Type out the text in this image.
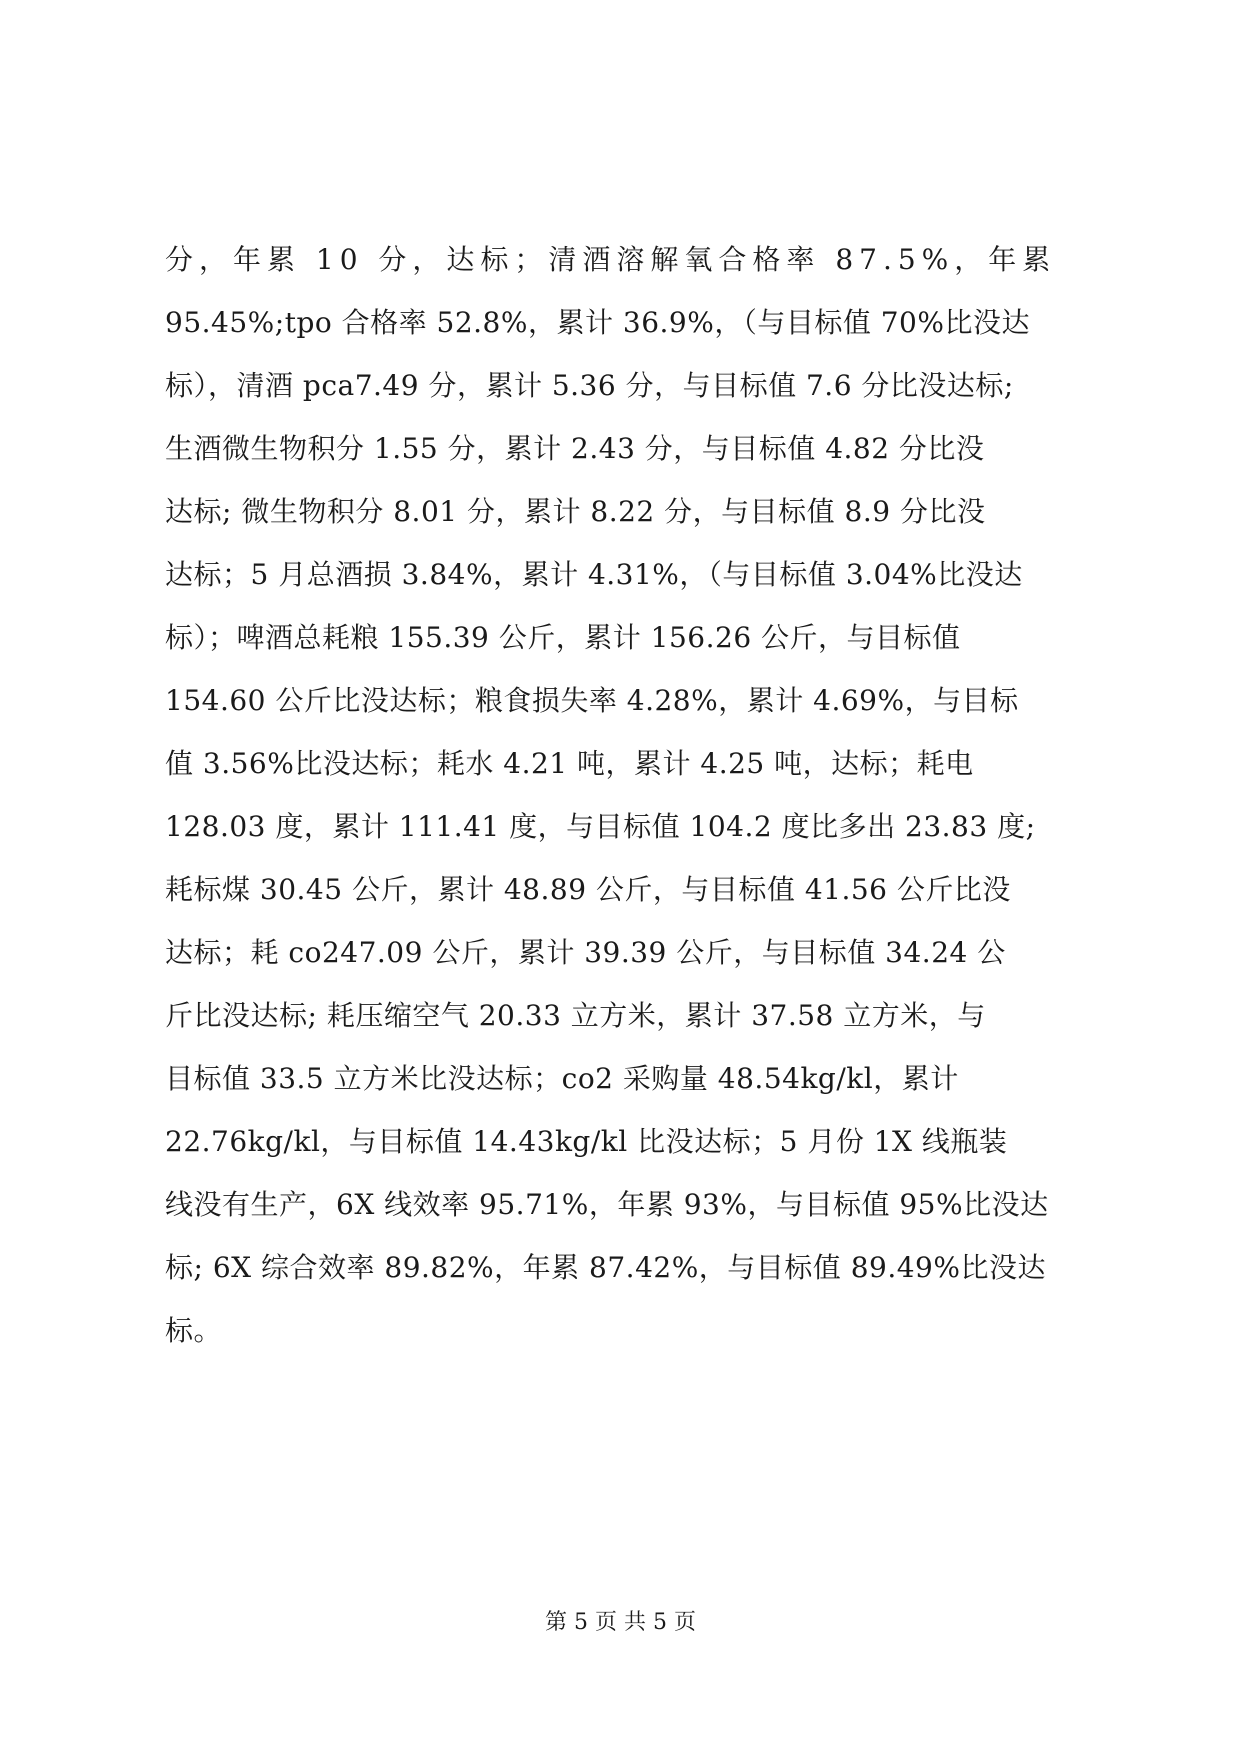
分，年累 10 分，达标；清酒溶解氧合格率 87.5%，年累
95.45%;tpo 合格率 52.8%，累计 36.9%，（与目标值 70%比没达
标），清酒 pca7.49 分，累计 5.36 分，与目标值 7.6 分比没达标;
生酒微生物积分 1.55 分，累计 2.43 分，与目标值 4.82 分比没
达标; 微生物积分 8.01 分，累计 8.22 分，与目标值 8.9 分比没
达标；5 月总酒损 3.84%，累计 4.31%，（与目标值 3.04%比没达
标）；啤酒总耗粮 155.39 公斤，累计 156.26 公斤，与目标值
154.60 公斤比没达标；粮食损失率 4.28%，累计 4.69%，与目标
值 3.56%比没达标；耗水 4.21 吨，累计 4.25 吨，达标；耗电
128.03 度，累计 111.41 度，与目标值 104.2 度比多出 23.83 度;
耗标煤 30.45 公斤，累计 48.89 公斤，与目标值 41.56 公斤比没
达标；耗 co247.09 公斤，累计 39.39 公斤，与目标值 34.24 公
斤比没达标; 耗压缩空气 20.33 立方米，累计 37.58 立方米，与
目标值 33.5 立方米比没达标；co2 采购量 48.54kg/kl，累计
22.76kg/kl，与目标值 14.43kg/kl 比没达标；5 月份 1X 线瓶装
线没有生产，6X 线效率 95.71%，年累 93%，与目标值 95%比没达
标; 6X 综合效率 89.82%，年累 87.42%，与目标值 89.49%比没达
标。
第 5 页 共 5 页
